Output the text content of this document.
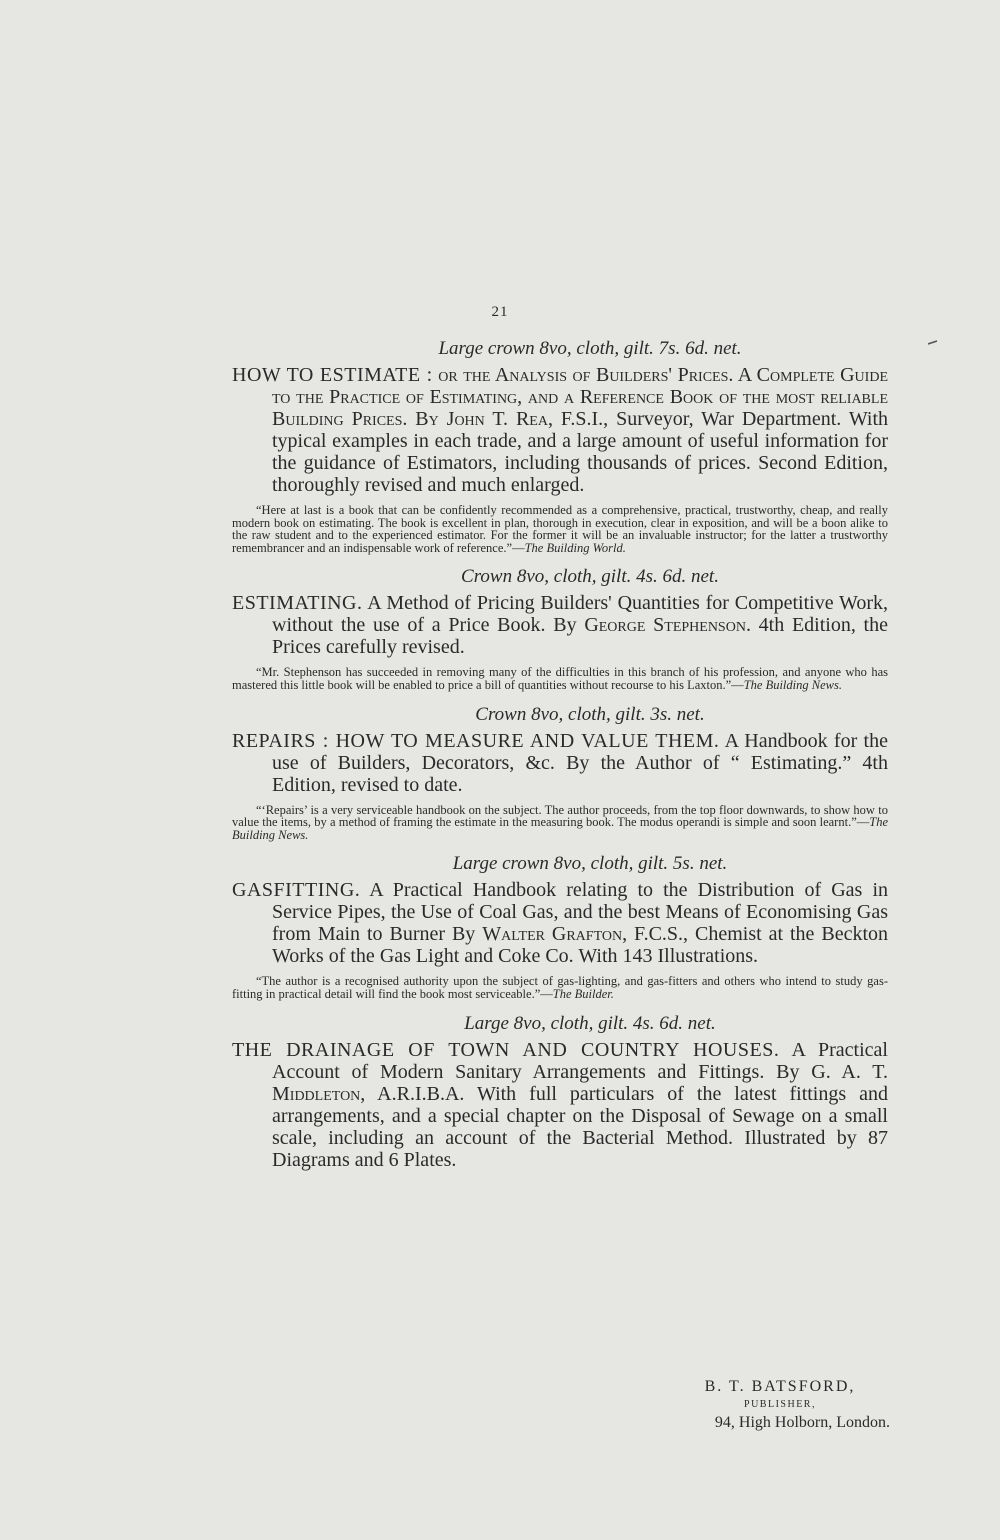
21

Large crown 8vo, cloth, gilt. 7s. 6d. net.

HOW TO ESTIMATE : or the Analysis of Builders' Prices. A Complete Guide to the Practice of Estimating, and a Reference Book of the most reliable Building Prices. By John T. Rea, F.S.I., Surveyor, War Department. With typical examples in each trade, and a large amount of useful information for the guidance of Estimators, including thousands of prices. Second Edition, thoroughly revised and much enlarged.

“Here at last is a book that can be confidently recommended as a comprehensive, practical, trustworthy, cheap, and really modern book on estimating. The book is excellent in plan, thorough in execution, clear in exposition, and will be a boon alike to the raw student and to the experienced estimator. For the former it will be an invaluable instructor; for the latter a trustworthy remembrancer and an indispensable work of reference.”—The Building World.

Crown 8vo, cloth, gilt. 4s. 6d. net.

ESTIMATING. A Method of Pricing Builders' Quantities for Competitive Work, without the use of a Price Book. By George Stephenson. 4th Edition, the Prices carefully revised.

“Mr. Stephenson has succeeded in removing many of the difficulties in this branch of his profession, and anyone who has mastered this little book will be enabled to price a bill of quantities without recourse to his Laxton.”—The Building News.

Crown 8vo, cloth, gilt. 3s. net.

REPAIRS : HOW TO MEASURE AND VALUE THEM. A Handbook for the use of Builders, Decorators, &c. By the Author of “ Estimating.” 4th Edition, revised to date.

“‘Repairs’ is a very serviceable handbook on the subject. The author proceeds, from the top floor downwards, to show how to value the items, by a method of framing the estimate in the measuring book. The modus operandi is simple and soon learnt.”—The Building News.

Large crown 8vo, cloth, gilt. 5s. net.

GASFITTING. A Practical Handbook relating to the Distribution of Gas in Service Pipes, the Use of Coal Gas, and the best Means of Economising Gas from Main to Burner By Walter Grafton, F.C.S., Chemist at the Beckton Works of the Gas Light and Coke Co. With 143 Illustrations.

“The author is a recognised authority upon the subject of gas-lighting, and gas-fitters and others who intend to study gas-fitting in practical detail will find the book most serviceable.”—The Builder.

Large 8vo, cloth, gilt. 4s. 6d. net.

THE DRAINAGE OF TOWN AND COUNTRY HOUSES. A Practical Account of Modern Sanitary Arrangements and Fittings. By G. A. T. Middleton, A.R.I.B.A. With full particulars of the latest fittings and arrangements, and a special chapter on the Disposal of Sewage on a small scale, including an account of the Bacterial Method. Illustrated by 87 Diagrams and 6 Plates.

B. T. BATSFORD,
PUBLISHER,
94, High Holborn, London.
